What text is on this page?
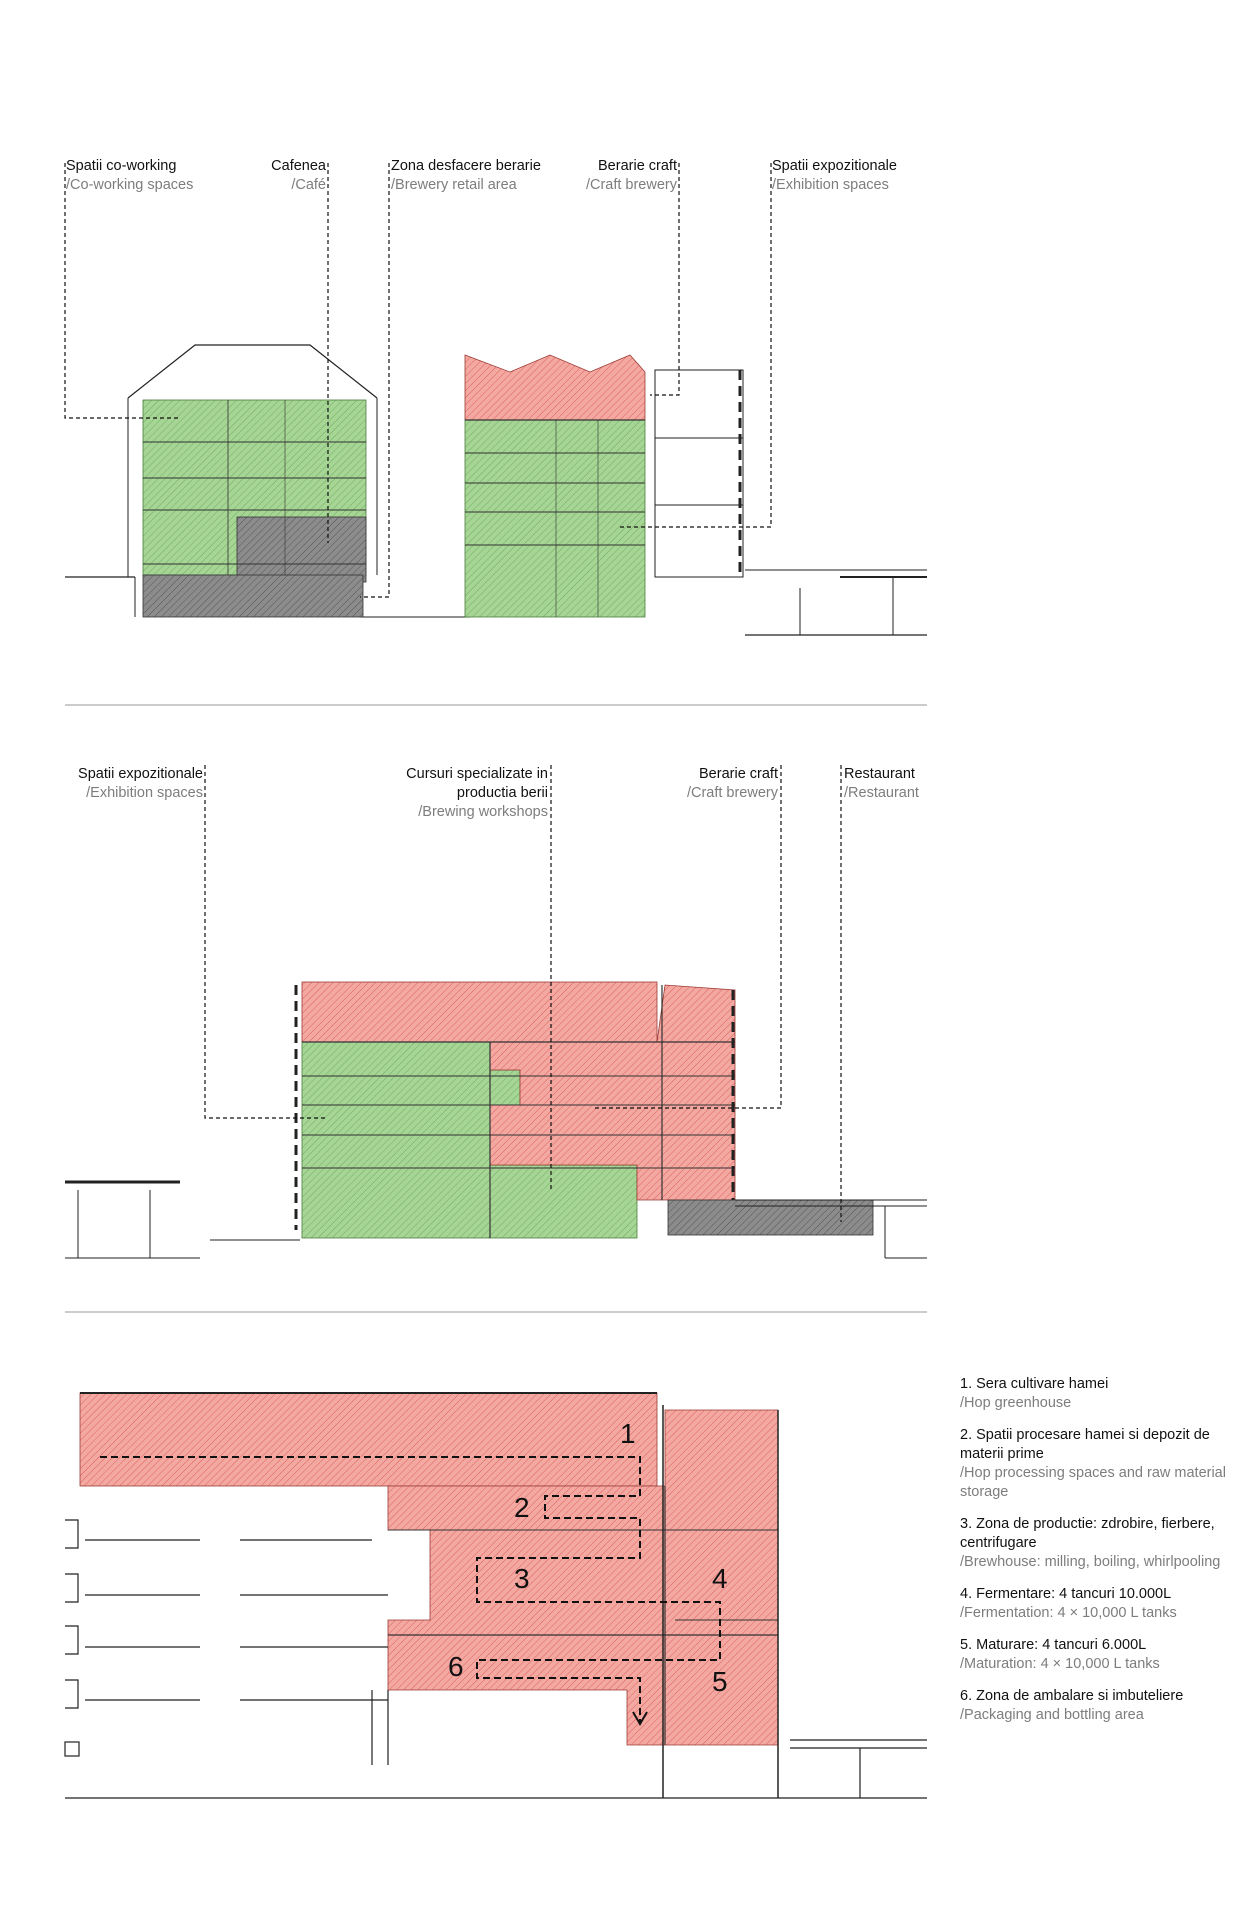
Spatii co-working
/Co-working spaces
Cafenea
/Café
Zona desfacere berarie
/Brewery retail area
Berarie craft
/Craft brewery
Spatii expozitionale
/Exhibition spaces
Spatii expozitionale
/Exhibition spaces
Cursuri specializate in
productia berii
/Brewing workshops
Berarie craft
/Craft brewery
Restaurant
/Restaurant
1
2
3	4
5
6
1. Sera cultivare hamei
/Hop greenhouse
2. Spatii procesare hamei si depozit de materii prime
/Hop processing spaces and raw material storage
3. Zona de productie: zdrobire, fierbere, centrifugare
/Brewhouse: milling, boiling, whirlpooling
4. Fermentare: 4 tancuri 10.000L
/Fermentation: 4 × 10,000 L tanks
5. Maturare: 4 tancuri 6.000L
/Maturation: 4 × 10,000 L tanks
6. Zona de ambalare si imbuteliere
/Packaging and bottling area
